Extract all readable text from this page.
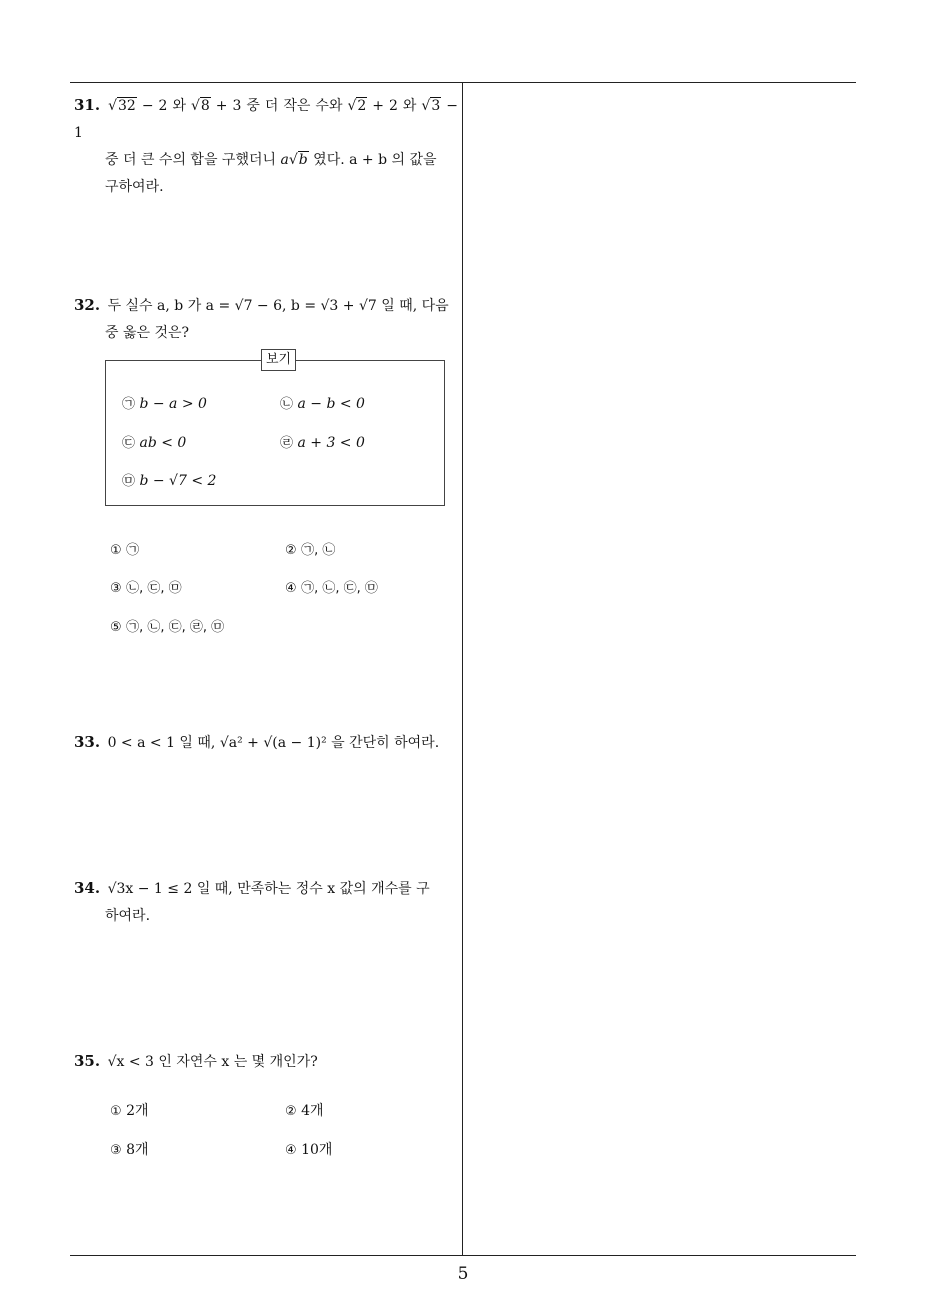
31. √32 − 2 와 √8 + 3 중 더 작은 수와 √2 + 2 와 √3 − 1
중 더 큰 수의 합을 구했더니 a√b 였다. a + b 의 값을
구하여라.
32. 두 실수 a, b 가 a = √7 − 6, b = √3 + √7 일 때, 다음
중 옳은 것은?
보기
㉠ b − a > 0	㉡ a − b < 0
㉢ ab < 0	㉣ a + 3 < 0
㉤ b − √7 < 2
① ㉠	② ㉠, ㉡
③ ㉡, ㉢, ㉤	④ ㉠, ㉡, ㉢, ㉤
⑤ ㉠, ㉡, ㉢, ㉣, ㉤
33. 0 < a < 1 일 때, √a² + √(a − 1)² 을 간단히 하여라.
34. √3x − 1 ≤ 2 일 때, 만족하는 정수 x 값의 개수를 구
하여라.
35. √x < 3 인 자연수 x 는 몇 개인가?
① 2개	② 4개
③ 8개	④ 10개
5
